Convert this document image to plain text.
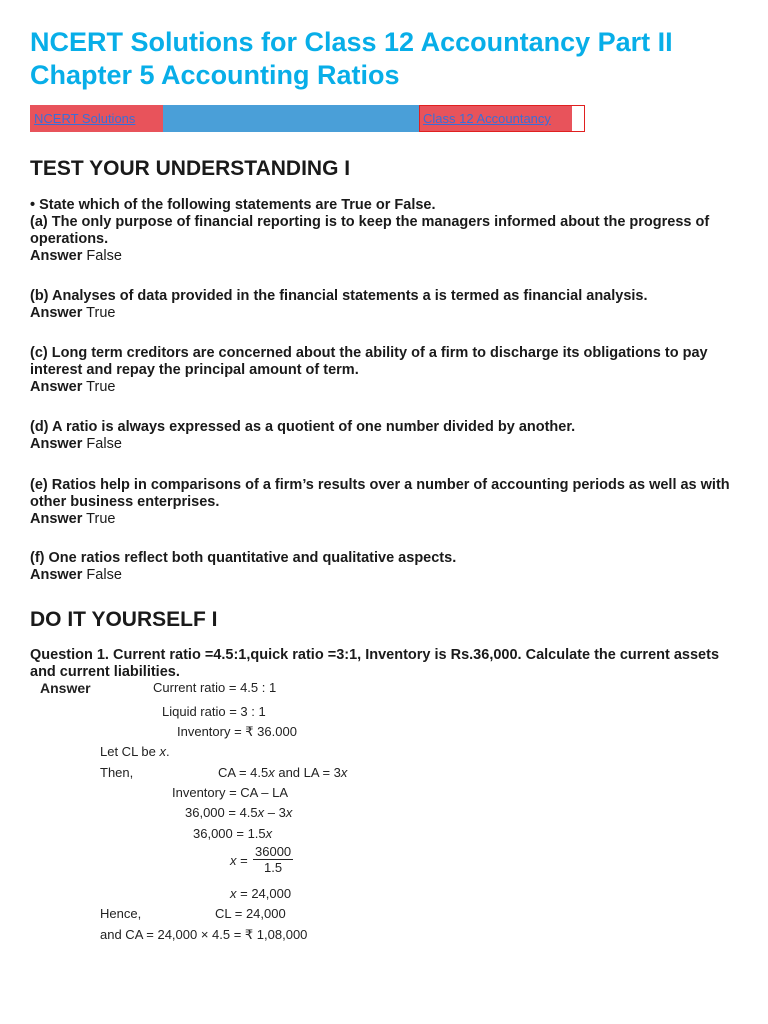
NCERT Solutions for Class 12 Accountancy Part II Chapter 5 Accounting Ratios
NCERT Solutions	Class 12 Accountancy
TEST YOUR UNDERSTANDING I
• State which of the following statements are True or False.
(a) The only purpose of financial reporting is to keep the managers informed about the progress of operations.
Answer False
(b) Analyses of data provided in the financial statements a is termed as financial analysis.
Answer True
(c) Long term creditors are concerned about the ability of a firm to discharge its obligations to pay interest and repay the principal amount of term.
Answer True
(d) A ratio is always expressed as a quotient of one number divided by another.
Answer False
(e) Ratios help in comparisons of a firm’s results over a number of accounting periods as well as with other business enterprises.
Answer True
(f) One ratios reflect both quantitative and qualitative aspects.
Answer False
DO IT YOURSELF I
Question 1. Current ratio =4.5:1,quick ratio =3:1, Inventory is Rs.36,000. Calculate the current assets and current liabilities.
Answer	Current ratio = 4.5 : 1
Liquid ratio = 3 : 1
Inventory = ₹ 36.000
Let CL be x.
Then,	CA = 4.5x and LA = 3x
Inventory = CA – LA
36,000 = 4.5x – 3x
36,000 = 1.5x
$x = \frac{36000}{1.5}$
x = 24,000
Hence,	CL = 24,000
and CA = 24,000 × 4.5 = ₹ 1,08,000
